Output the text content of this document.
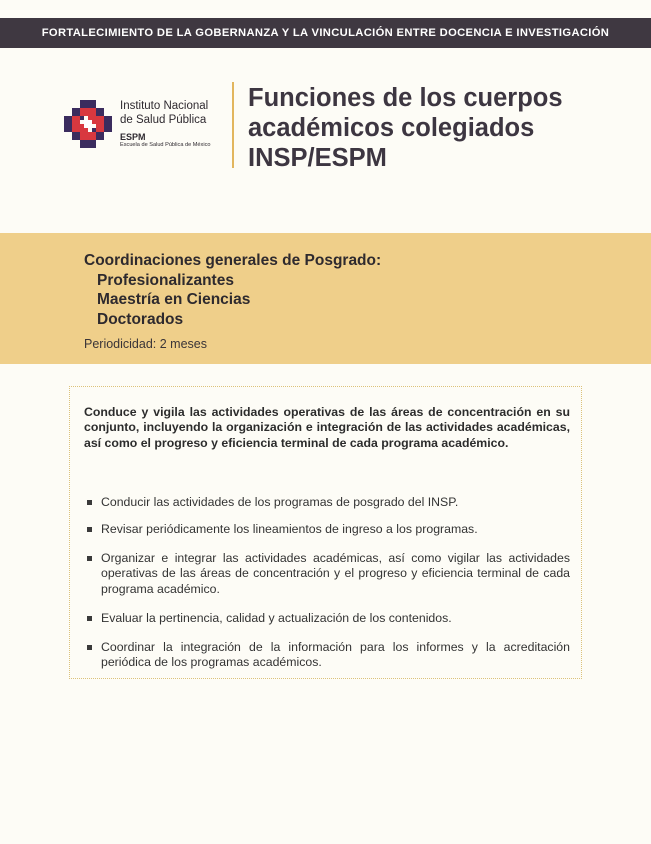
FORTALECIMIENTO DE LA GOBERNANZA Y LA VINCULACIÓN ENTRE DOCENCIA E INVESTIGACIÓN
Instituto Nacional
de Salud Pública
ESPM
Escuela de Salud Pública de México
Funciones de los cuerpos
académicos colegiados
INSP/ESPM
Coordinaciones generales de Posgrado:
Profesionalizantes
Maestría en Ciencias
Doctorados
Periodicidad: 2 meses
Conduce y vigila las actividades operativas de las áreas de concentración en su conjunto, incluyendo la organización e integración de las actividades académicas, así como el progreso y eficiencia terminal de cada programa académico.
Conducir las actividades de los programas de posgrado del INSP.
Revisar periódicamente los lineamientos de ingreso a los programas.
Organizar e integrar las actividades académicas, así como vigilar las actividades operativas de las áreas de concentración y el progreso y eficiencia terminal de cada programa académico.
Evaluar la pertinencia, calidad y actualización de los contenidos.
Coordinar la integración de la información para los informes y la acreditación periódica de los programas académicos.
